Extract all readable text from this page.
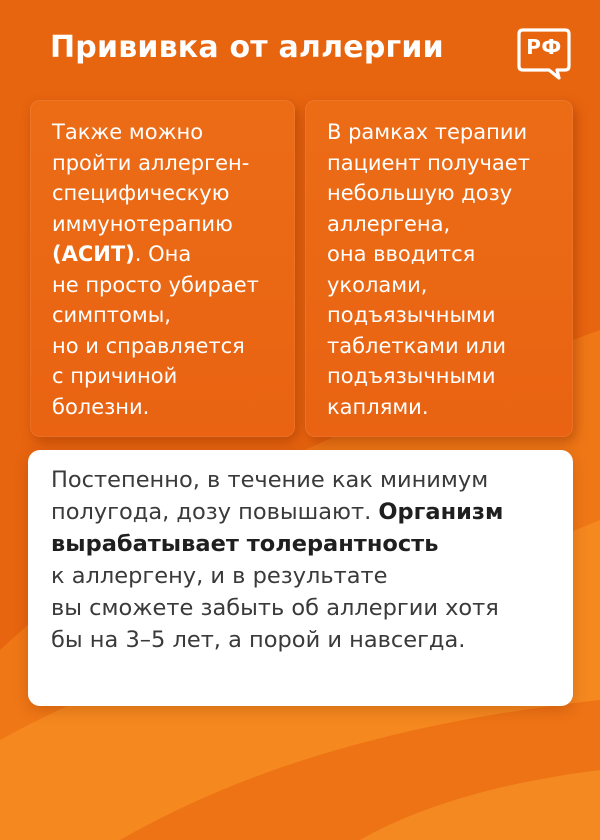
Прививка от аллергии	РФ
Также можно
пройти аллерген-
специфическую
иммунотерапию
(АСИТ). Она
не просто убирает
симптомы,
но и справляется
с причиной
болезни.
В рамках терапии
пациент получает
небольшую дозу
аллергена,
она вводится
уколами,
подъязычными
таблетками или
подъязычными
каплями.
Постепенно, в течение как минимум
полугода, дозу повышают. Организм
вырабатывает толерантность
к аллергену, и в результате
вы сможете забыть об аллергии хотя
бы на 3–5 лет, а порой и навсегда.
